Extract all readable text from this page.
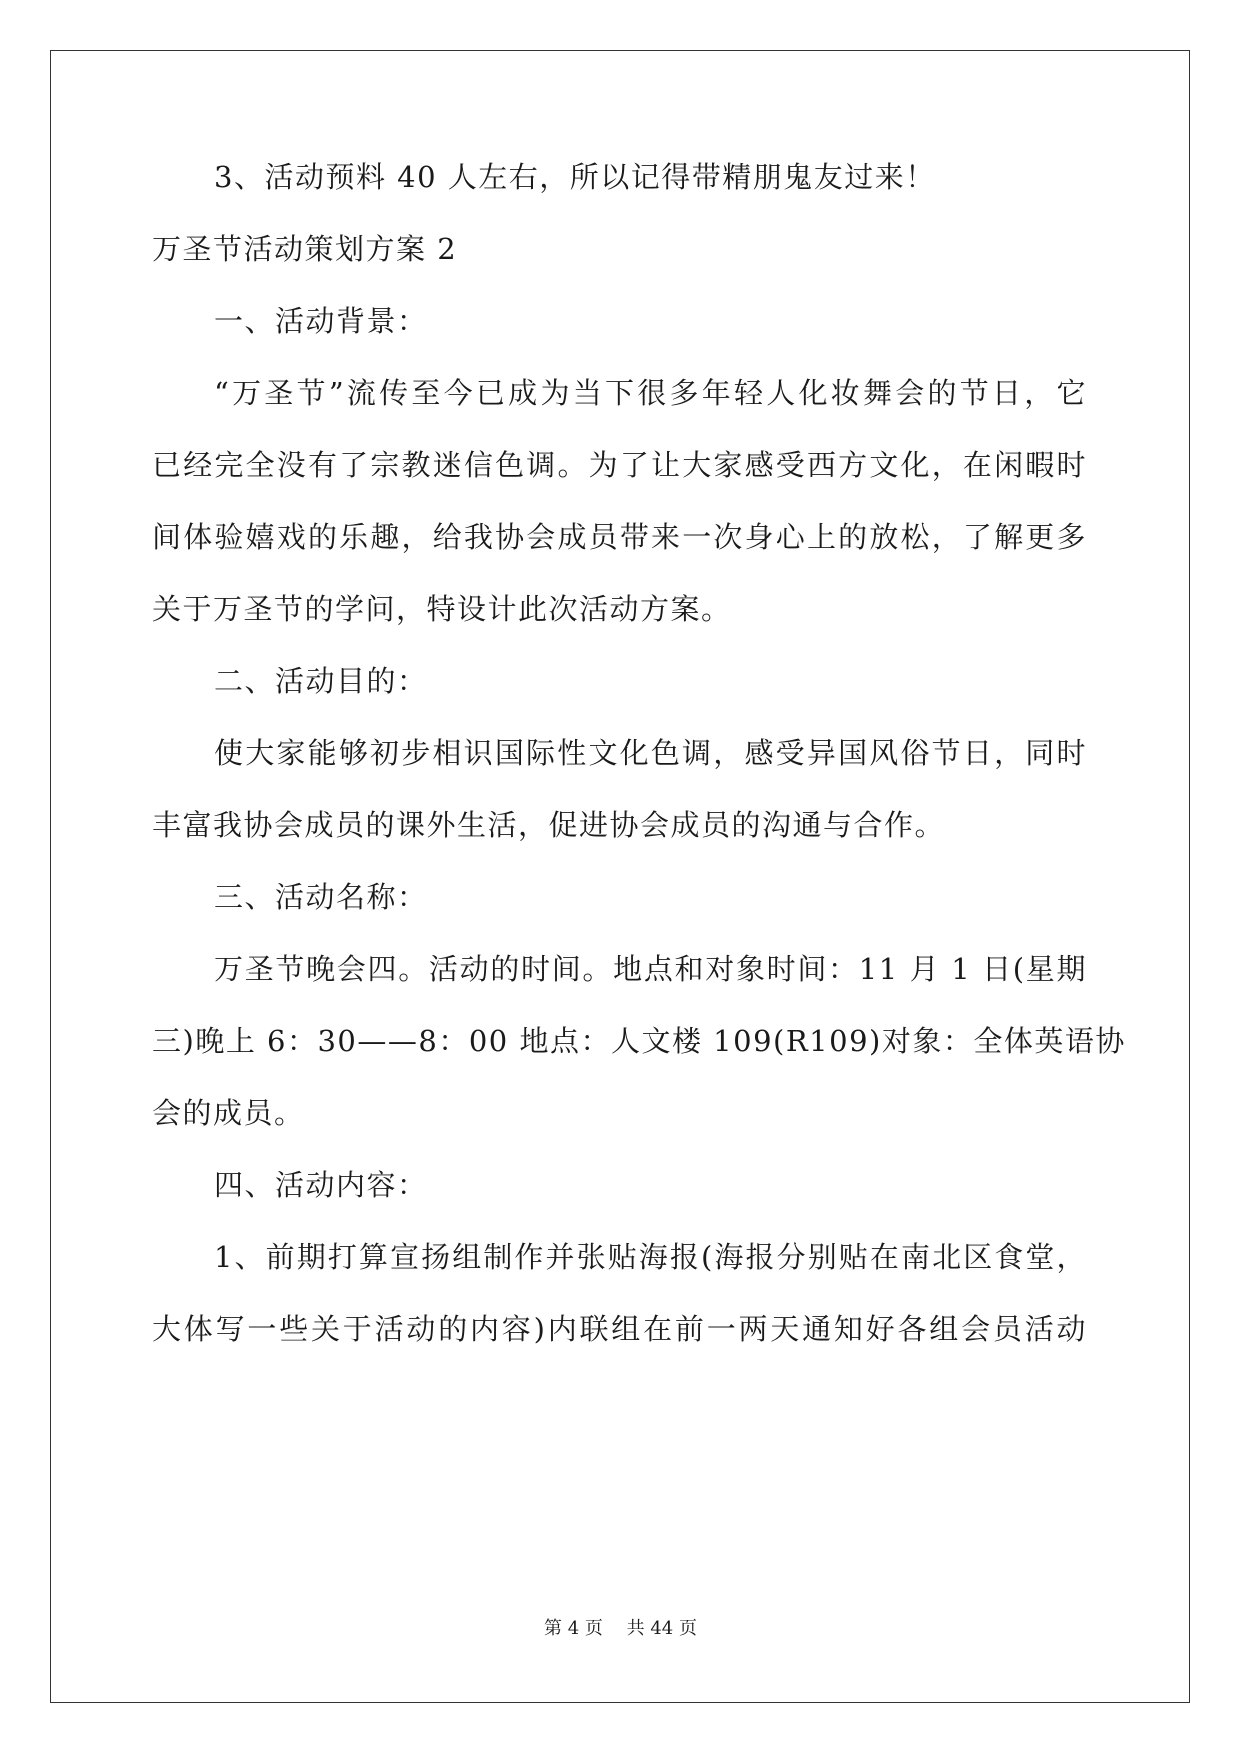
3、活动预料 40 人左右，所以记得带精朋鬼友过来！
万圣节活动策划方案 2
一、活动背景：
“万圣节”流传至今已成为当下很多年轻人化妆舞会的节日，它
已经完全没有了宗教迷信色调。为了让大家感受西方文化，在闲暇时
间体验嬉戏的乐趣，给我协会成员带来一次身心上的放松，了解更多
关于万圣节的学问，特设计此次活动方案。
二、活动目的：
使大家能够初步相识国际性文化色调，感受异国风俗节日，同时
丰富我协会成员的课外生活，促进协会成员的沟通与合作。
三、活动名称：
万圣节晚会四。活动的时间。地点和对象时间：11 月 1 日(星期
三)晚上 6：30——8：00 地点：人文楼 109(R109)对象：全体英语协
会的成员。
四、活动内容：
1、前期打算宣扬组制作并张贴海报(海报分别贴在南北区食堂，
大体写一些关于活动的内容)内联组在前一两天通知好各组会员活动
第 4 页　 共 44 页
